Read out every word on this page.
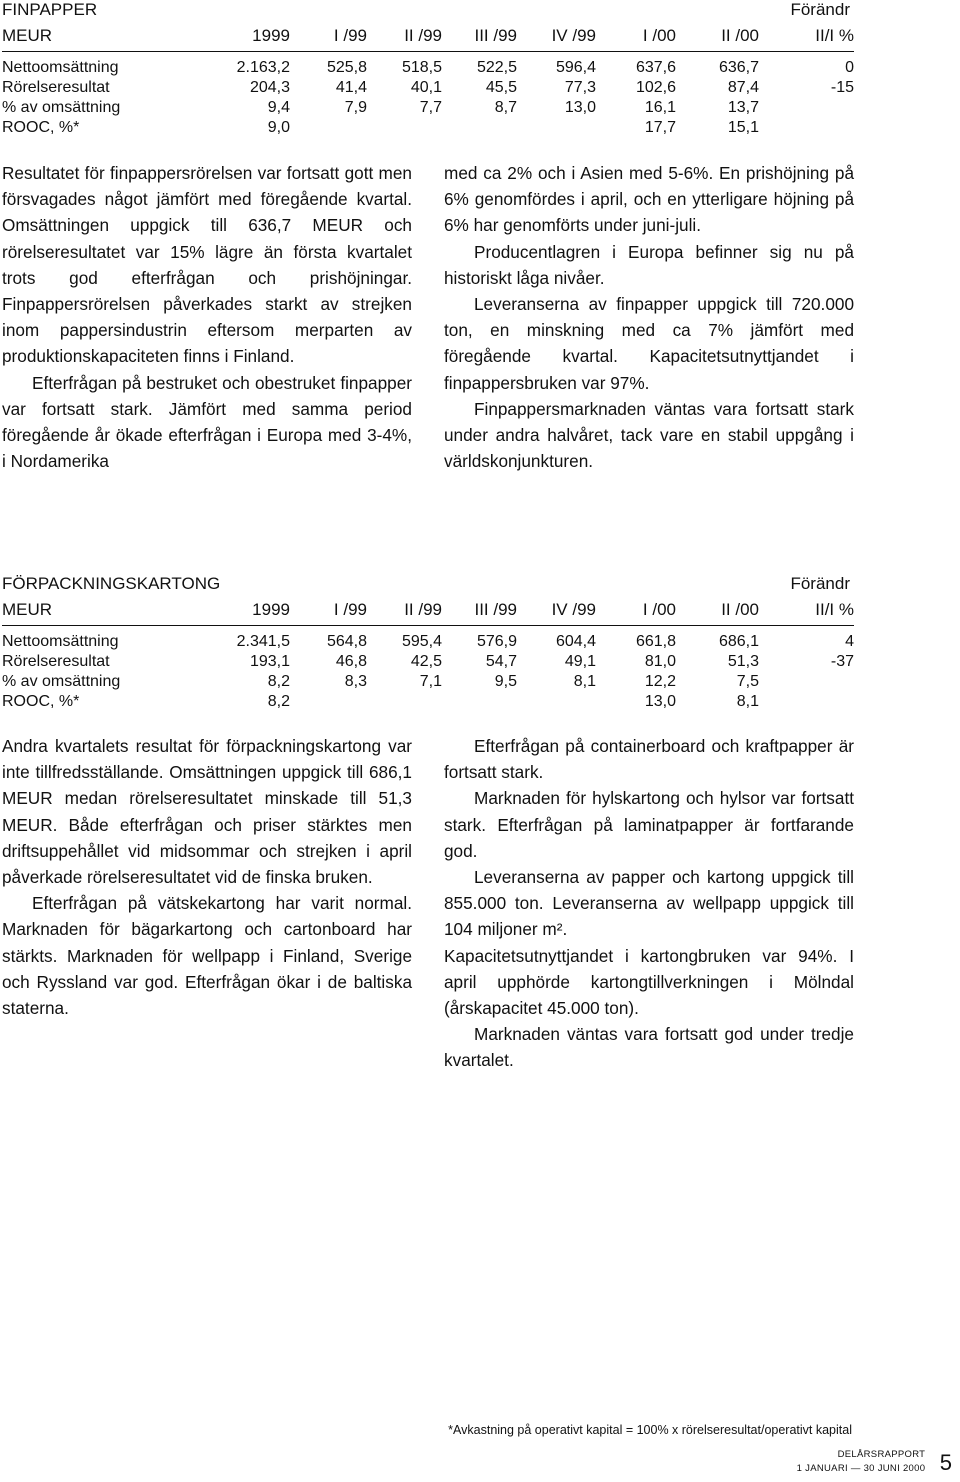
FINPAPPER	Förändr
MEUR	1999	I /99	II /99	III /99	IV /99	I /00	II /00	II/I %
Nettoomsättning	2.163,2	525,8	518,5	522,5	596,4	637,6	636,7	0
Rörelseresultat	204,3	41,4	40,1	45,5	77,3	102,6	87,4	-15
% av omsättning	9,4	7,9	7,7	8,7	13,0	16,1	13,7	
ROOC, %*	9,0					17,7	15,1	

Resultatet för finpappersrörelsen var fortsatt gott men försvagades något jämfört med föregående kvartal. Omsättningen uppgick till 636,7 MEUR och rörelseresultatet var 15% lägre än första kvartalet trots god efterfrågan och prishöjningar. Finpappersrörelsen påverkades starkt av strejken inom pappersindustrin eftersom merparten av produktionskapaciteten finns i Finland.

Efterfrågan på bestruket och obestruket finpapper var fortsatt stark. Jämfört med samma period föregående år ökade efterfrågan i Europa med 3-4%, i Nordamerika

med ca 2% och i Asien med 5-6%. En prishöjning på 6% genomfördes i april, och en ytterligare höjning på 6% har genomförts under juni-juli.

Producentlagren i Europa befinner sig nu på historiskt låga nivåer.

Leveranserna av finpapper uppgick till 720.000 ton, en minskning med ca 7% jämfört med föregående kvartal. Kapacitetsutnyttjandet i finpappersbruken var 97%.

Finpappersmarknaden väntas vara fortsatt stark under andra halvåret, tack vare en stabil uppgång i världskonjunkturen.

FÖRPACKNINGSKARTONG	Förändr
MEUR	1999	I /99	II /99	III /99	IV /99	I /00	II /00	II/I %
Nettoomsättning	2.341,5	564,8	595,4	576,9	604,4	661,8	686,1	4
Rörelseresultat	193,1	46,8	42,5	54,7	49,1	81,0	51,3	-37
% av omsättning	8,2	8,3	7,1	9,5	8,1	12,2	7,5	
ROOC, %*	8,2					13,0	8,1	

Andra kvartalets resultat för förpackningskartong var inte tillfredsställande. Omsättningen uppgick till 686,1 MEUR medan rörelseresultatet minskade till 51,3 MEUR. Både efterfrågan och priser stärktes men driftsuppehållet vid midsommar och strejken i april påverkade rörelseresultatet vid de finska bruken.

Efterfrågan på vätskekartong har varit normal. Marknaden för bägarkartong och cartonboard har stärkts. Marknaden för wellpapp i Finland, Sverige och Ryssland var god. Efterfrågan ökar i de baltiska staterna.

Efterfrågan på containerboard och kraftpapper är fortsatt stark.

Marknaden för hylskartong och hylsor var fortsatt stark. Efterfrågan på laminatpapper är fortfarande god.

Leveranserna av papper och kartong uppgick till 855.000 ton. Leveranserna av wellpapp uppgick till 104 miljoner m².

Kapacitetsutnyttjandet i kartongbruken var 94%. I april upphörde kartongtillverkningen i Mölndal (årskapacitet 45.000 ton).

Marknaden väntas vara fortsatt god under tredje kvartalet.

*Avkastning på operativt kapital = 100% x rörelseresultat/operativt kapital
DELÅRSRAPPORT
1 JANUARI — 30 JUNI 2000 5
